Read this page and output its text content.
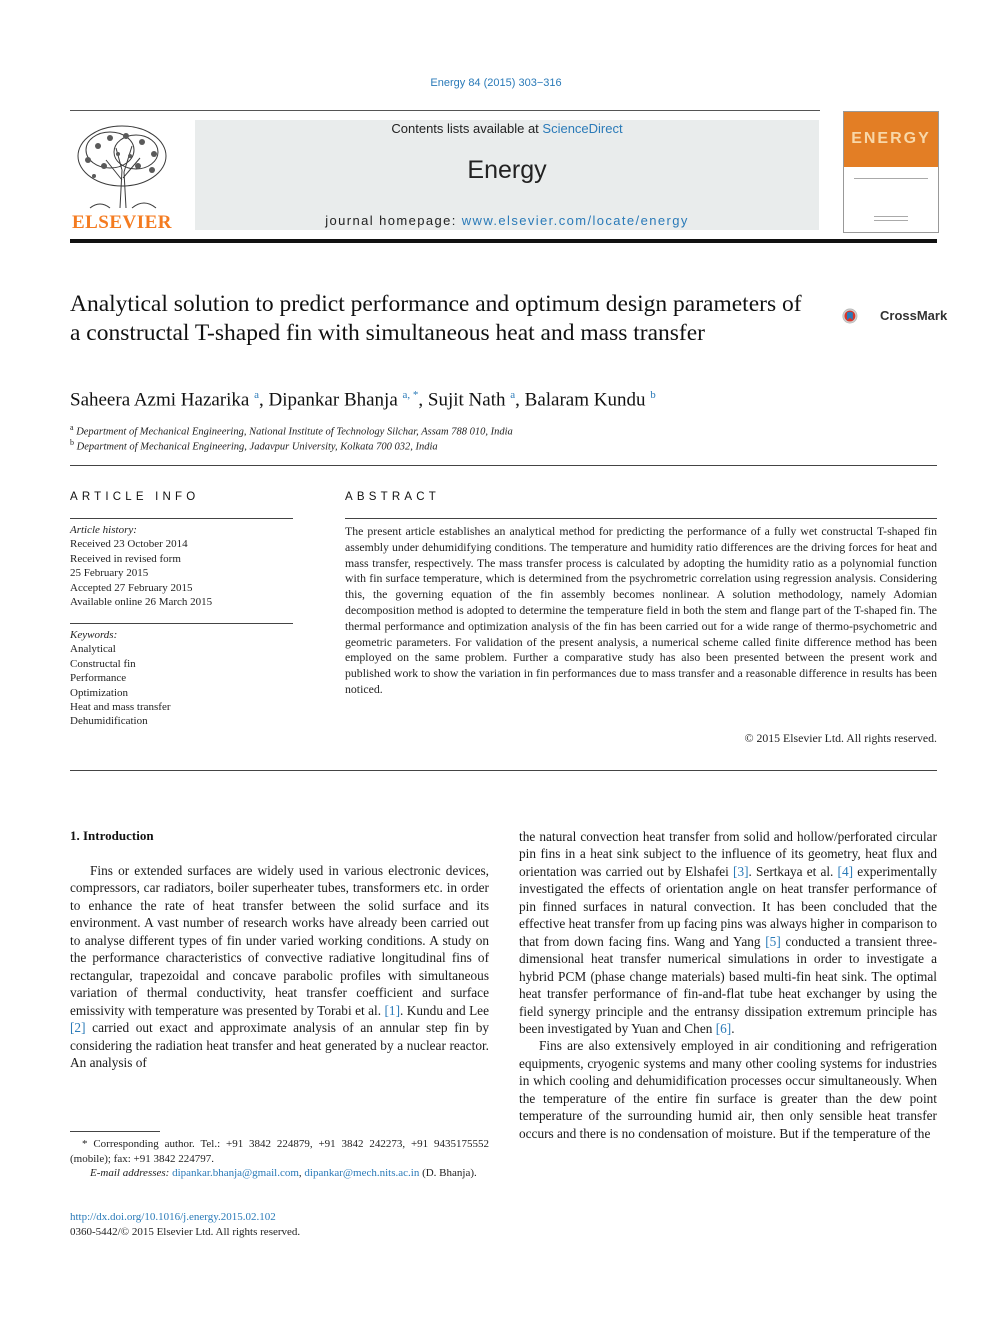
Energy 84 (2015) 303−316
ELSEVIER
Contents lists available at ScienceDirect
Energy
journal homepage: www.elsevier.com/locate/energy
ENERGY
Analytical solution to predict performance and optimum design parameters of a constructal T-shaped fin with simultaneous heat and mass transfer
CrossMark
Saheera Azmi Hazarika $^a$, Dipankar Bhanja $^{a, *}$, Sujit Nath $^a$, Balaram Kundu $^b$
$^a$ Department of Mechanical Engineering, National Institute of Technology Silchar, Assam 788 010, India
$^b$ Department of Mechanical Engineering, Jadavpur University, Kolkata 700 032, India
ARTICLE INFO
Article history:
Received 23 October 2014
Received in revised form
25 February 2015
Accepted 27 February 2015
Available online 26 March 2015
Keywords:
Analytical
Constructal fin
Performance
Optimization
Heat and mass transfer
Dehumidification
ABSTRACT
The present article establishes an analytical method for predicting the performance of a fully wet constructal T-shaped fin assembly under dehumidifying conditions. The temperature and humidity ratio differences are the driving forces for heat and mass transfer, respectively. The mass transfer process is calculated by adopting the humidity ratio as a polynomial function with fin surface temperature, which is determined from the psychrometric correlation using regression analysis. Considering this, the governing equation of the fin assembly becomes nonlinear. A solution methodology, namely Adomian decomposition method is adopted to determine the temperature field in both the stem and flange part of the T-shaped fin. The thermal performance and optimization analysis of the fin has been carried out for a wide range of thermo-psychometric and geometric parameters. For validation of the present analysis, a numerical scheme called finite difference method has been employed on the same problem. Further a comparative study has also been presented between the present work and published work to show the variation in fin performances due to mass transfer and a reasonable difference in results has been noticed.
© 2015 Elsevier Ltd. All rights reserved.
1. Introduction

Fins or extended surfaces are widely used in various electronic devices, compressors, car radiators, boiler superheater tubes, transformers etc. in order to enhance the rate of heat transfer between the solid surface and its environment. A vast number of research works have already been carried out to analyse different types of fin under varied working conditions. A study on the performance characteristics of convective radiative longitudinal fins of rectangular, trapezoidal and concave parabolic profiles with simultaneous variation of thermal conductivity, heat transfer coefficient and surface emissivity with temperature was presented by Torabi et al. [1]. Kundu and Lee [2] carried out exact and approximate analysis of an annular step fin by considering the radiation heat transfer and heat generated by a nuclear reactor. An analysis of

the natural convection heat transfer from solid and hollow/perforated circular pin fins in a heat sink subject to the influence of its geometry, heat flux and orientation was carried out by Elshafei [3]. Sertkaya et al. [4] experimentally investigated the effects of orientation angle on heat transfer performance of pin finned surfaces in natural convection. It has been concluded that the effective heat transfer from up facing pins was always higher in comparison to that from down facing fins. Wang and Yang [5] conducted a transient three-dimensional heat transfer numerical simulations in order to investigate a hybrid PCM (phase change materials) based multi-fin heat sink. The optimal heat transfer performance of fin-and-flat tube heat exchanger by using the field synergy principle and the entransy dissipation extremum principle has been investigated by Yuan and Chen [6].

Fins are also extensively employed in air conditioning and refrigeration equipments, cryogenic systems and many other cooling systems for industries in which cooling and dehumidification processes occur simultaneously. When the temperature of the entire fin surface is greater than the dew point temperature of the surrounding humid air, then only sensible heat transfer occurs and there is no condensation of moisture. But if the temperature of the

* Corresponding author. Tel.: +91 3842 224879, +91 3842 242273, +91 9435175552 (mobile); fax: +91 3842 224797.
E-mail addresses: dipankar.bhanja@gmail.com, dipankar@mech.nits.ac.in (D. Bhanja).
http://dx.doi.org/10.1016/j.energy.2015.02.102
0360-5442/© 2015 Elsevier Ltd. All rights reserved.
